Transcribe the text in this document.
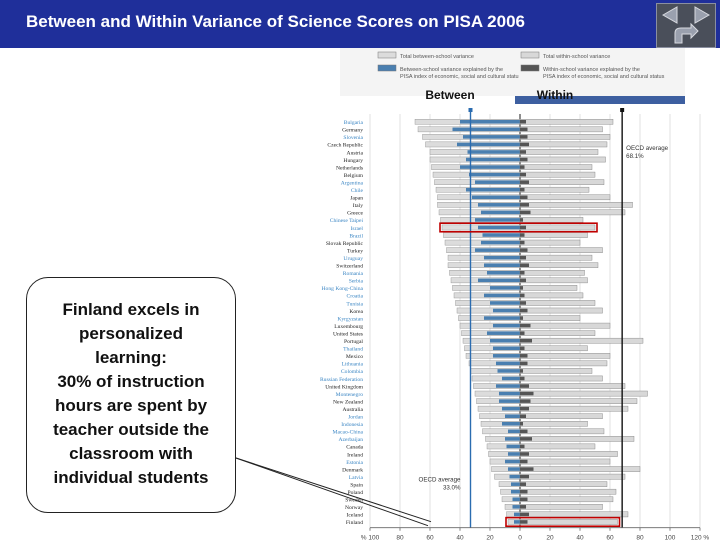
Between and Within Variance of Science Scores on PISA 2006
Total between-school variance
Between-school variance explained by the
PISA index of economic, social and cultural statu
Total within-school variance
Within-school variance explained by the
PISA index of economic, social and cultural status
Between	Within
Bulgaria
Germany
Slovenia
Czech Republic
Austria
Hungary
Netherlands
Belgium
Argentina
Chile
Japan
Italy
Greece
Chinese Taipei
Israel
Brazil
Slovak Republic
Turkey
Uruguay
Switzerland
Romania
Serbia
Hong Kong-China
Croatia
Tunisia
Korea
Kyrgyzstan
Luxembourg
United States
Portugal
Thailand
Mexico
Lithuania
Colombia
Russian Federation
United Kingdom
Montenegro
New Zealand
Australia
Jordan
Indonesia
Macao-China
Azerbaijan
Canada
Ireland
Estonia
Denmark
Latvia
Spain
Poland
Sweden
Norway
Iceland
Finland
OECD average
33.0%
OECD average
68.1%
% 100	80	60	40	20	0	20	40	60	80	100 120 %
Finland excels in
personalized
learning:
30% of instruction
hours are spent by
teacher outside the
classroom with
individual students
